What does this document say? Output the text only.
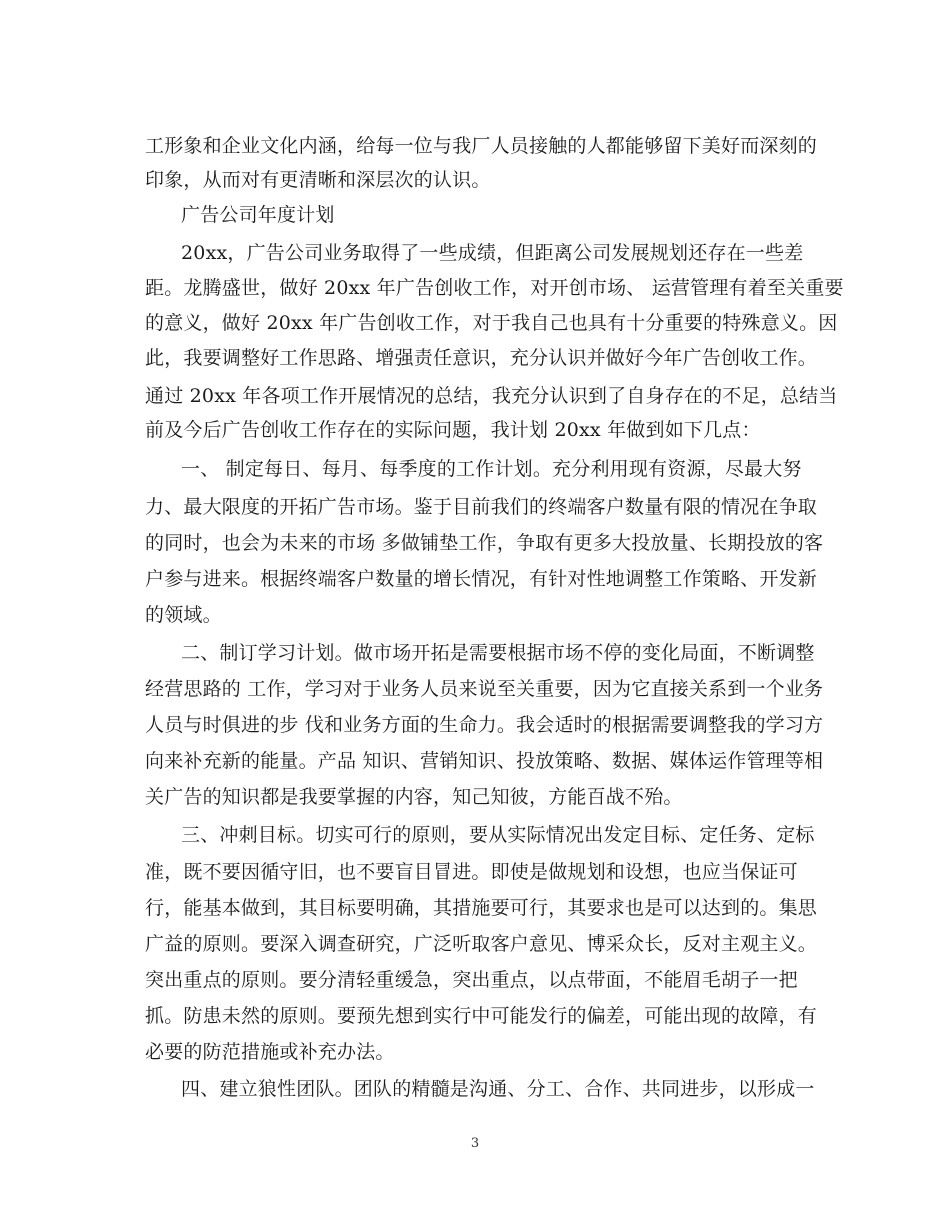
工形象和企业文化内涵，给每一位与我厂人员接触的人都能够留下美好而深刻的
印象，从而对有更清晰和深层次的认识。
广告公司年度计划
20xx，广告公司业务取得了一些成绩，但距离公司发展规划还存在一些差
距。龙腾盛世，做好 20xx 年广告创收工作，对开创市场、 运营管理有着至关重要
的意义，做好 20xx 年广告创收工作，对于我自己也具有十分重要的特殊意义。因
此，我要调整好工作思路、增强责任意识，充分认识并做好今年广告创收工作。
通过 20xx 年各项工作开展情况的总结，我充分认识到了自身存在的不足，总结当
前及今后广告创收工作存在的实际问题，我计划 20xx 年做到如下几点：
一、 制定每日、每月、每季度的工作计划。充分利用现有资源，尽最大努
力、最大限度的开拓广告市场。鉴于目前我们的终端客户数量有限的情况在争取
的同时，也会为未来的市场 多做铺垫工作，争取有更多大投放量、长期投放的客
户参与进来。根据终端客户数量的增长情况，有针对性地调整工作策略、开发新
的领域。
二、制订学习计划。做市场开拓是需要根据市场不停的变化局面，不断调整
经营思路的 工作，学习对于业务人员来说至关重要，因为它直接关系到一个业务
人员与时俱进的步 伐和业务方面的生命力。我会适时的根据需要调整我的学习方
向来补充新的能量。产品 知识、营销知识、投放策略、数据、媒体运作管理等相
关广告的知识都是我要掌握的内容，知己知彼，方能百战不殆。
三、冲刺目标。切实可行的原则，要从实际情况出发定目标、定任务、定标
准，既不要因循守旧，也不要盲目冒进。即使是做规划和设想，也应当保证可
行，能基本做到，其目标要明确，其措施要可行，其要求也是可以达到的。集思
广益的原则。要深入调查研究，广泛听取客户意见、博采众长，反对主观主义。
突出重点的原则。要分清轻重缓急，突出重点，以点带面，不能眉毛胡子一把
抓。防患未然的原则。要预先想到实行中可能发行的偏差，可能出现的故障，有
必要的防范措施或补充办法。
四、建立狼性团队。团队的精髓是沟通、分工、合作、共同进步，以形成一
3
